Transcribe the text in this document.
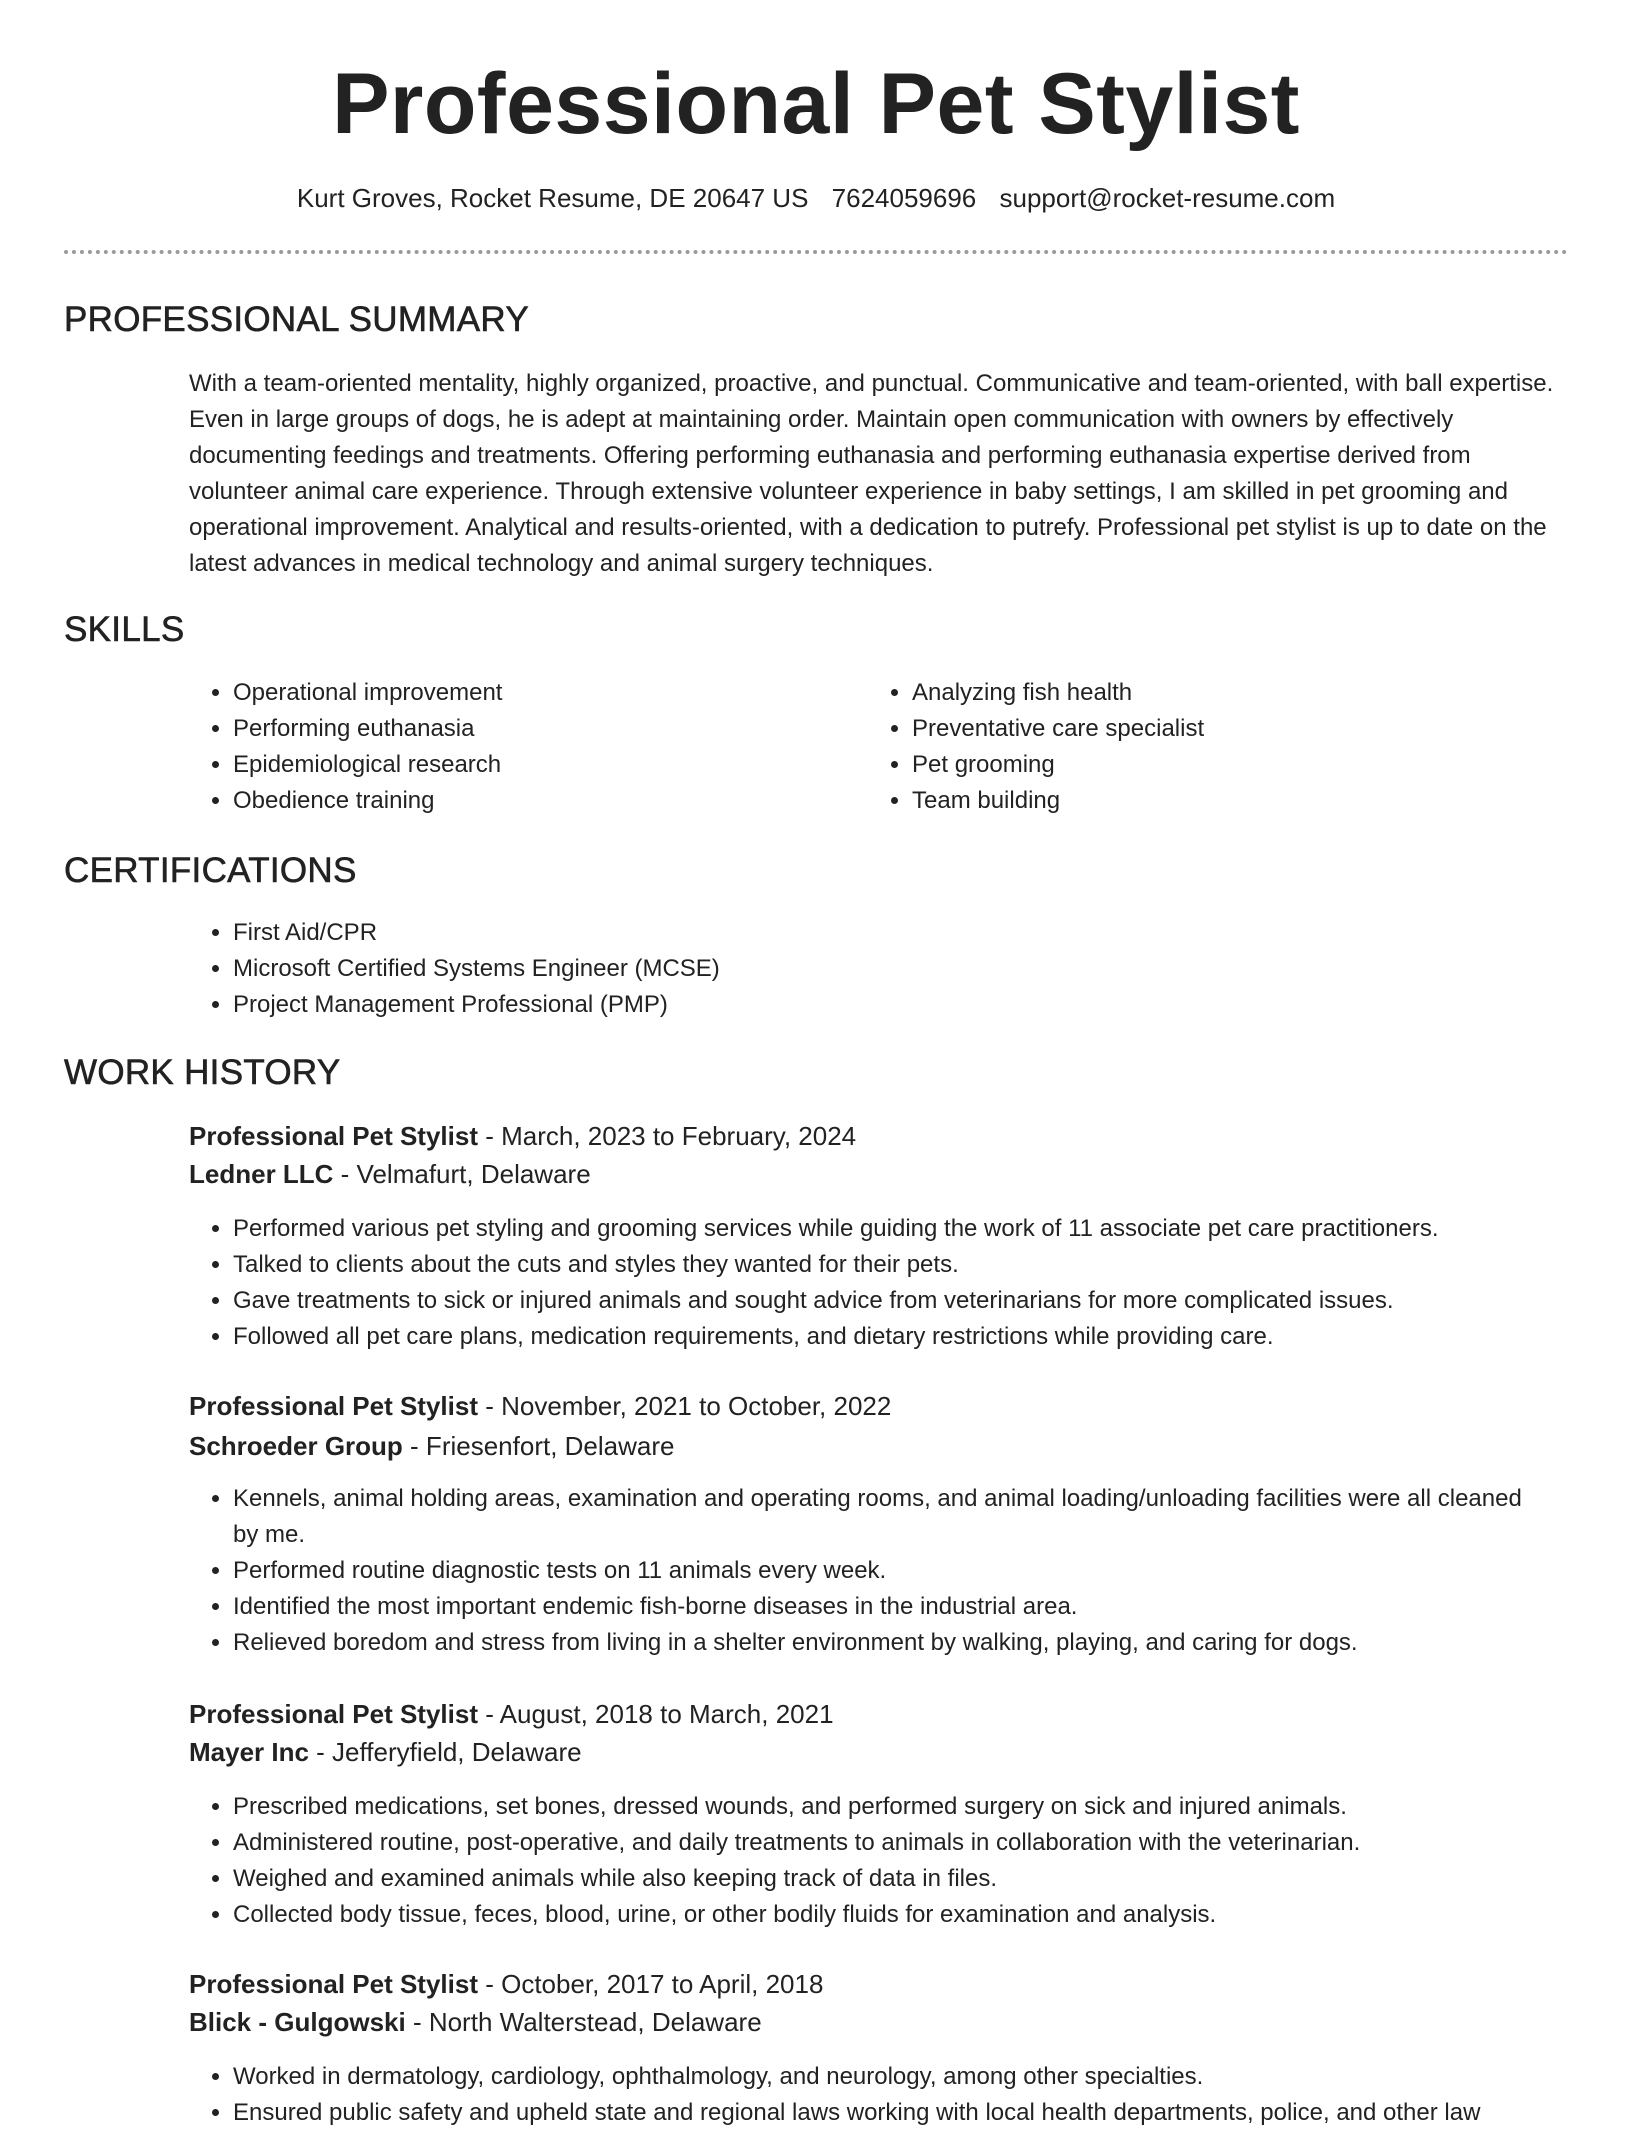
Professional Pet Stylist
Kurt Groves, Rocket Resume, DE 20647 US 7624059696 support@rocket-resume.com
PROFESSIONAL SUMMARY

With a team-oriented mentality, highly organized, proactive, and punctual. Communicative and team-oriented, with ball expertise. Even in large groups of dogs, he is adept at maintaining order. Maintain open communication with owners by effectively documenting feedings and treatments. Offering performing euthanasia and performing euthanasia expertise derived from volunteer animal care experience. Through extensive volunteer experience in baby settings, I am skilled in pet grooming and operational improvement. Analytical and results-oriented, with a dedication to putrefy. Professional pet stylist is up to date on the latest advances in medical technology and animal surgery techniques.

SKILLS
• Operational improvement
• Performing euthanasia
• Epidemiological research
• Obedience training
• Analyzing fish health
• Preventative care specialist
• Pet grooming
• Team building
CERTIFICATIONS
• First Aid/CPR
• Microsoft Certified Systems Engineer (MCSE)
• Project Management Professional (PMP)
WORK HISTORY
Professional Pet Stylist - March, 2023 to February, 2024
Ledner LLC - Velmafurt, Delaware
• Performed various pet styling and grooming services while guiding the work of 11 associate pet care practitioners.
• Talked to clients about the cuts and styles they wanted for their pets.
• Gave treatments to sick or injured animals and sought advice from veterinarians for more complicated issues.
• Followed all pet care plans, medication requirements, and dietary restrictions while providing care.
Professional Pet Stylist - November, 2021 to October, 2022
Schroeder Group - Friesenfort, Delaware
• Kennels, animal holding areas, examination and operating rooms, and animal loading/unloading facilities were all cleaned by me.
• Performed routine diagnostic tests on 11 animals every week.
• Identified the most important endemic fish-borne diseases in the industrial area.
• Relieved boredom and stress from living in a shelter environment by walking, playing, and caring for dogs.
Professional Pet Stylist - August, 2018 to March, 2021
Mayer Inc - Jefferyfield, Delaware
• Prescribed medications, set bones, dressed wounds, and performed surgery on sick and injured animals.
• Administered routine, post-operative, and daily treatments to animals in collaboration with the veterinarian.
• Weighed and examined animals while also keeping track of data in files.
• Collected body tissue, feces, blood, urine, or other bodily fluids for examination and analysis.
Professional Pet Stylist - October, 2017 to April, 2018
Blick - Gulgowski - North Walterstead, Delaware
• Worked in dermatology, cardiology, ophthalmology, and neurology, among other specialties.
• Ensured public safety and upheld state and regional laws working with local health departments, police, and other law
